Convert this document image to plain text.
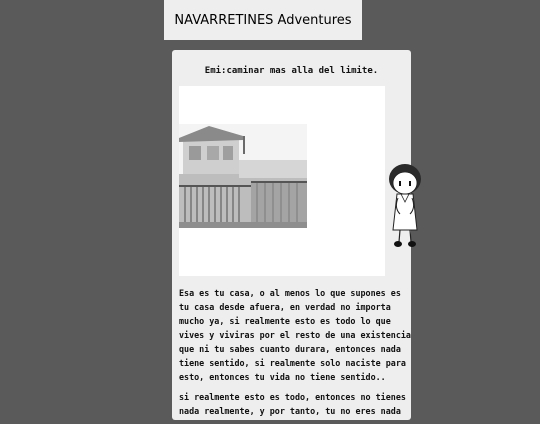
NAVARRETINES Adventures
Emi:caminar mas alla del limite.

Esa es tu casa, o al menos lo que supones es tu casa desde afuera, en verdad no importa mucho ya, si realmente esto es todo lo que vives y viviras por el resto de una existencia que ni tu sabes cuanto durara, entonces nada tiene sentido, si realmente solo naciste para esto, entonces tu vida no tiene sentido..

si realmente esto es todo, entonces no tienes nada realmente, y por tanto, tu no eres nada
